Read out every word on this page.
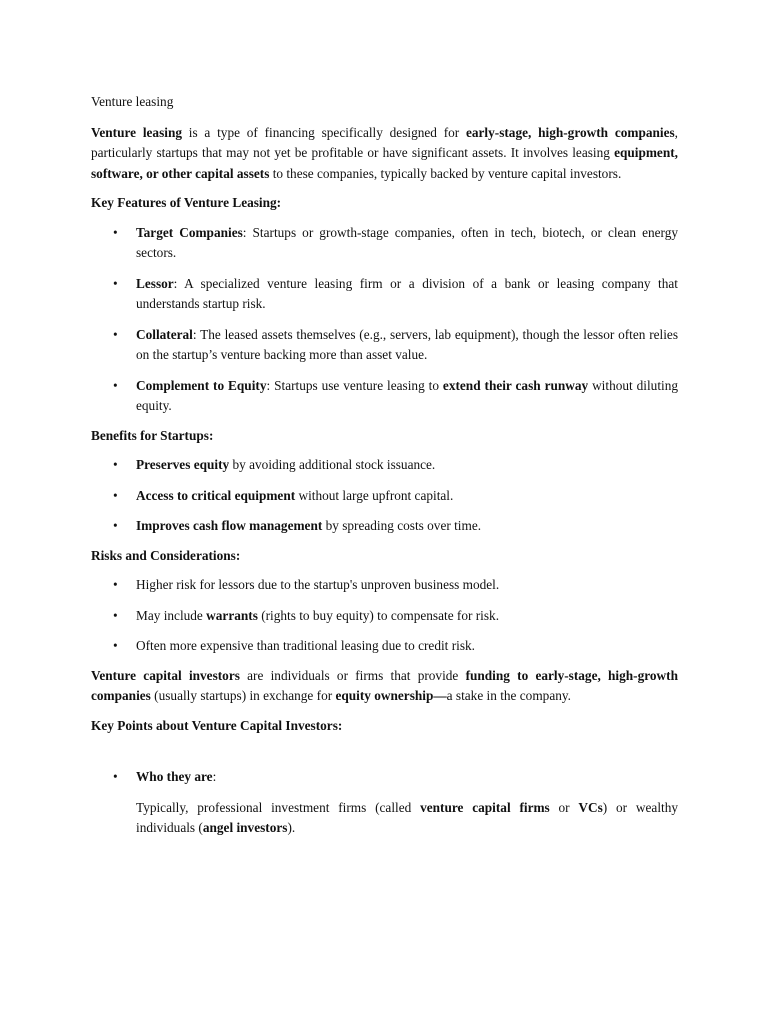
Venture leasing

Venture leasing is a type of financing specifically designed for early-stage, high-growth companies, particularly startups that may not yet be profitable or have significant assets. It involves leasing equipment, software, or other capital assets to these companies, typically backed by venture capital investors.

Key Features of Venture Leasing:

• Target Companies: Startups or growth-stage companies, often in tech, biotech, or clean energy sectors.
• Lessor: A specialized venture leasing firm or a division of a bank or leasing company that understands startup risk.
• Collateral: The leased assets themselves (e.g., servers, lab equipment), though the lessor often relies on the startup’s venture backing more than asset value.
• Complement to Equity: Startups use venture leasing to extend their cash runway without diluting equity.

Benefits for Startups:

• Preserves equity by avoiding additional stock issuance.
• Access to critical equipment without large upfront capital.
• Improves cash flow management by spreading costs over time.

Risks and Considerations:

• Higher risk for lessors due to the startup's unproven business model.
• May include warrants (rights to buy equity) to compensate for risk.
• Often more expensive than traditional leasing due to credit risk.

Venture capital investors are individuals or firms that provide funding to early-stage, high-growth companies (usually startups) in exchange for equity ownership—a stake in the company.

Key Points about Venture Capital Investors:

• Who they are:

Typically, professional investment firms (called venture capital firms or VCs) or wealthy individuals (angel investors).
